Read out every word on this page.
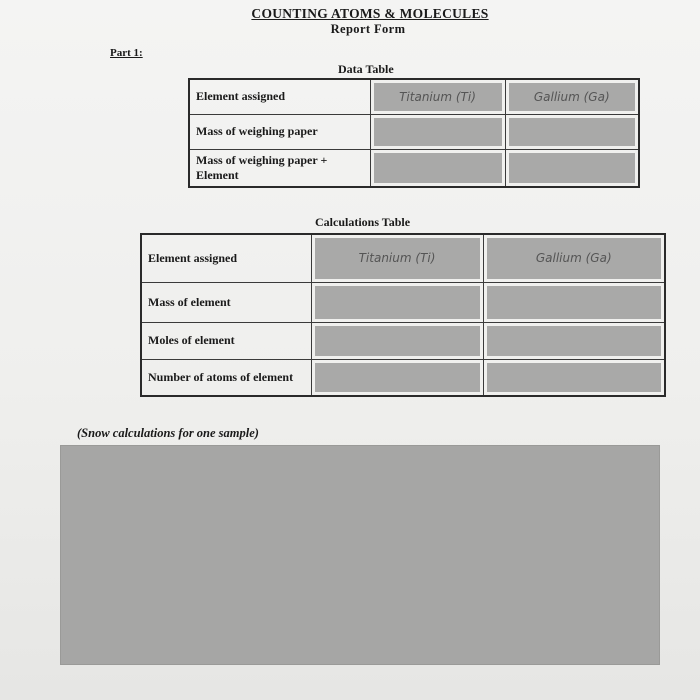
COUNTING ATOMS & MOLECULES
Report Form
Part 1:
Data Table
Element assigned	Titanium (Ti)	Gallium (Ga)
Mass of weighing paper		
Mass of weighing paper + Element		
Calculations Table
Element assigned	Titanium (Ti)	Gallium (Ga)
Mass of element		
Moles of element		
Number of atoms of element		
(Snow calculations for one sample)
